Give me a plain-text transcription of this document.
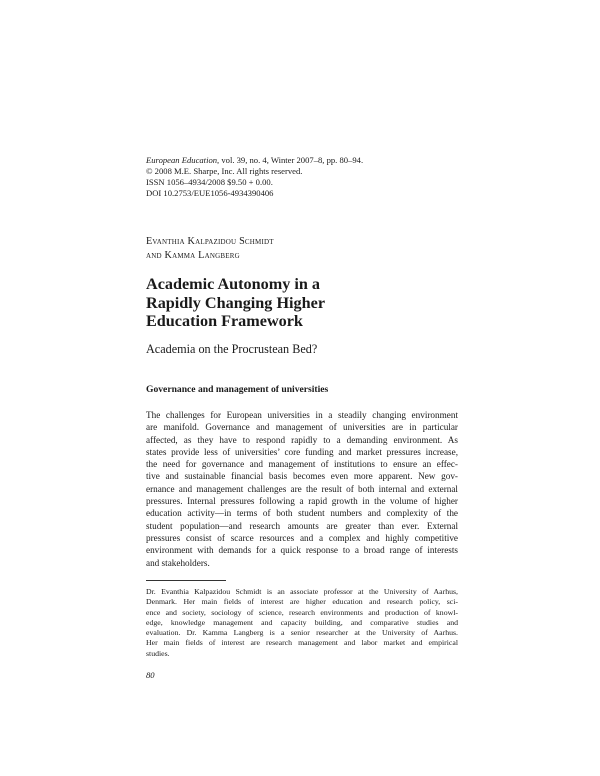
European Education, vol. 39, no. 4, Winter 2007–8, pp. 80–94.
© 2008 M.E. Sharpe, Inc. All rights reserved.
ISSN 1056–4934/2008 $9.50 + 0.00.
DOI 10.2753/EUE1056-4934390406
Evanthia Kalpazidou Schmidt
and Kamma Langberg
Academic Autonomy in a
Rapidly Changing Higher
Education Framework
Academia on the Procrustean Bed?
Governance and management of universities
The challenges for European universities in a steadily changing environment
are manifold. Governance and management of universities are in particular
affected, as they have to respond rapidly to a demanding environment. As
states provide less of universities’ core funding and market pressures increase,
the need for governance and management of institutions to ensure an effec-
tive and sustainable financial basis becomes even more apparent. New gov-
ernance and management challenges are the result of both internal and external
pressures. Internal pressures following a rapid growth in the volume of higher
education activity—in terms of both student numbers and complexity of the
student population—and research amounts are greater than ever. External
pressures consist of scarce resources and a complex and highly competitive
environment with demands for a quick response to a broad range of interests
and stakeholders.
Dr. Evanthia Kalpazidou Schmidt is an associate professor at the University of Aarhus,
Denmark. Her main fields of interest are higher education and research policy, sci-
ence and society, sociology of science, research environments and production of knowl-
edge, knowledge management and capacity building, and comparative studies and
evaluation. Dr. Kamma Langberg is a senior researcher at the University of Aarhus.
Her main fields of interest are research management and labor market and empirical
studies.
80
